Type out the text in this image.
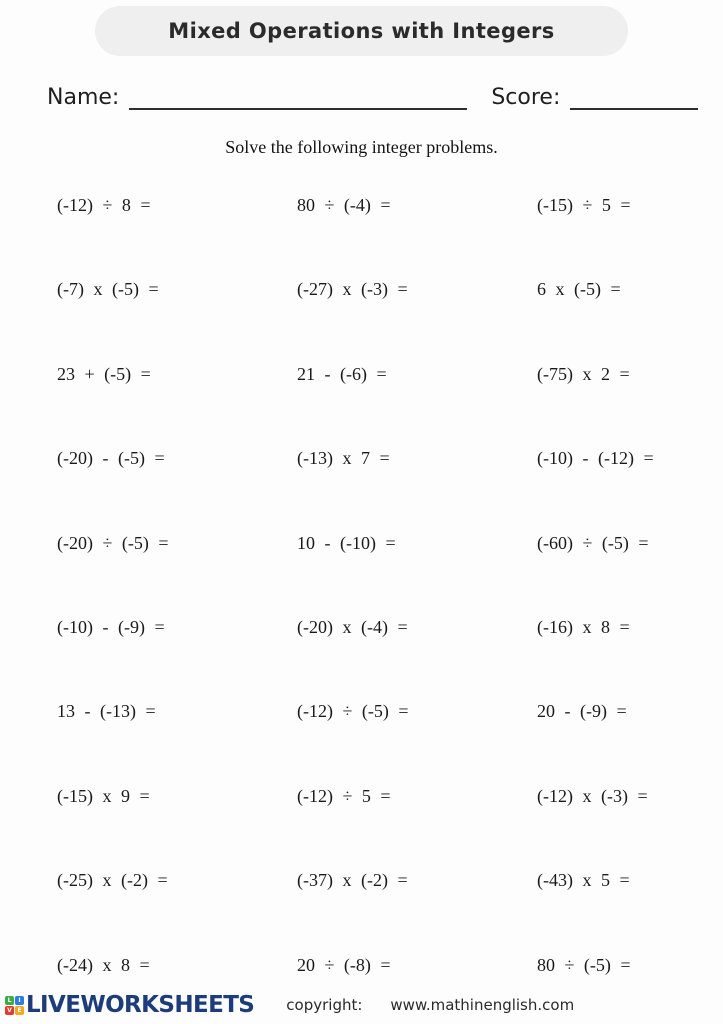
Mixed Operations with Integers
Name:	Score:
Solve the following integer problems.
(-12) ÷ 8 =	80 ÷ (-4) =	(-15) ÷ 5 =
(-7) x (-5) =	(-27) x (-3) =	6 x (-5) =
23 + (-5) =	21 - (-6) =	(-75) x 2 =
(-20) - (-5) =	(-13) x 7 =	(-10) - (-12) =
(-20) ÷ (-5) =	10 - (-10) =	(-60) ÷ (-5) =
(-10) - (-9) =	(-20) x (-4) =	(-16) x 8 =
13 - (-13) =	(-12) ÷ (-5) =	20 - (-9) =
(-15) x 9 =	(-12) ÷ 5 =	(-12) x (-3) =
(-25) x (-2) =	(-37) x (-2) =	(-43) x 5 =
(-24) x 8 =	20 ÷ (-8) =	80 ÷ (-5) =
L	I
V E LIVEWORKSHEETS copyright: www.mathinenglish.com
